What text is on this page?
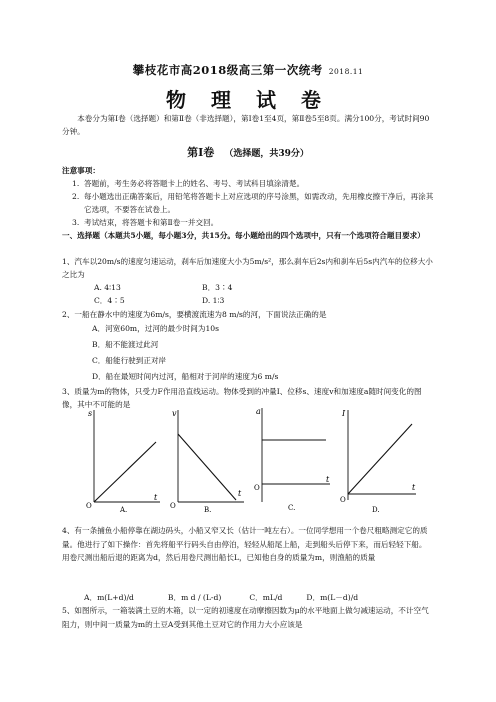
攀枝花市高2018级高三第一次统考 2018.11
物 理 试 卷
本卷分为第Ⅰ卷（选择题）和第Ⅱ卷（非选择题），第Ⅰ卷1至4页，第Ⅱ卷5至8页。满分100分，考试时间90分钟。
第Ⅰ卷 （选择题，共39分）
注意事项：
1. 答题前，考生务必将答题卡上的姓名、考号、考试科目填涂清楚。
2. 每小题选出正确答案后，用铅笔将答题卡上对应选项的序号涂黑，如需改动，先用橡皮擦干净后，再涂其它选项，不要答在试卷上。
3. 考试结束，将答题卡和第Ⅱ卷一并交回。
一、选择题（本题共5小题，每小题3分，共15分。每小题给出的四个选项中，只有一个选项符合题目要求）
1、汽车以20m/s的速度匀速运动，刹车后加速度大小为5m/s²，那么刹车后2s内和刹车后5s内汽车的位移大小之比为
A. 4∶13	B．3∶4
C．4∶5	D. 1∶3
2、一船在静水中的速度为6m/s，要横渡流速为8 m/s的河，下面说法正确的是
A．河宽60m，过河的最少时间为10s
B．船不能渡过此河
C．船能行驶到正对岸
D．船在最短时间内过河，船相对于河岸的速度为6 m/s
3、质量为m的物体，只受力F作用沿直线运动。物体受到的冲量I、位移s、速度v和加速度a随时间变化的图像，其中不可能的是
s
t
O	A.
v
t
O	B.
a
t
O
C.
I
t
O
D.
4、有一条捕鱼小船停靠在湖边码头，小船又窄又长（估计一吨左右）。一位同学想用一个卷尺粗略测定它的质量。他进行了如下操作：首先将船平行码头自由停泊，轻轻从船尾上船，走到船头后停下来，而后轻轻下船。用卷尺测出船后退的距离为d，然后用卷尺测出船长L，已知他自身的质量为m，则渔船的质量
A．m(L+d)/d	B．m d / (L-d)	C．mL/d	D．m(L－d)/d
5、如图所示，一箱装满土豆的木箱，以一定的初速度在动摩擦因数为μ的水平地面上做匀减速运动，不计空气阻力，则中间一质量为m的土豆A受到其他土豆对它的作用力大小应该是
